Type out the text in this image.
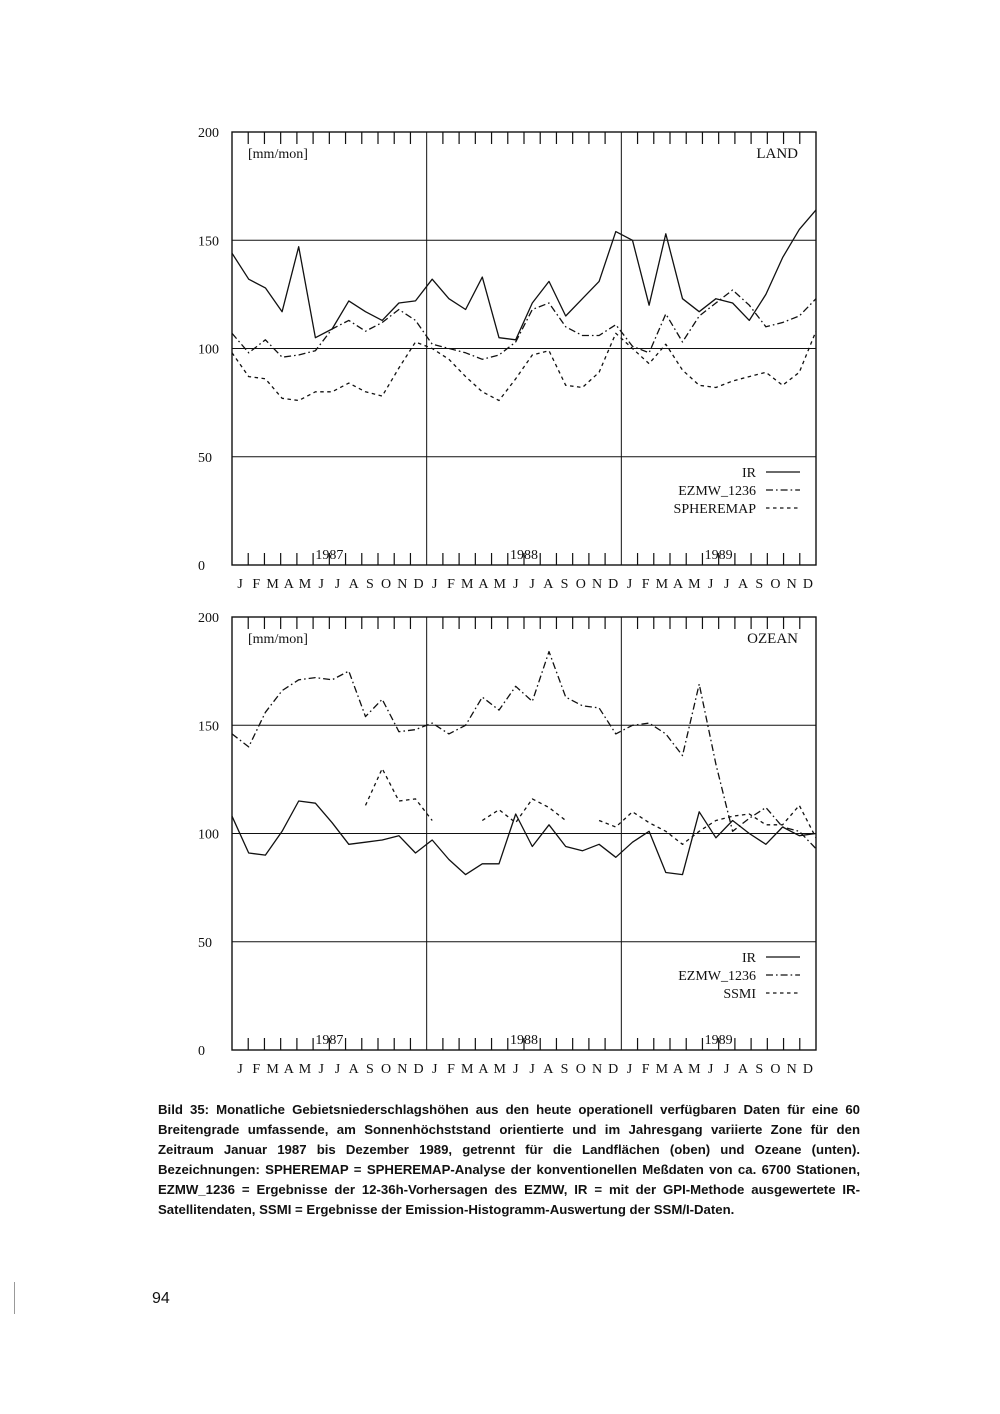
200
150
100
50
0
J F M A M J J A S O N D J F M A M J J A S O N D J F M A M J J A S O N D
1987	1988	1989
[mm/mon]	LAND
IR
EZMW_1236
SPHEREMAP
200
150
100
50
0
J F M A M J J A S O N D J F M A M J J A S O N D J F M A M J J A S O N D
1987	1988	1989
[mm/mon]	OZEAN
IR
EZMW_1236
SSMI
Bild 35: Monatliche Gebietsniederschlagshöhen aus den heute operationell verfügbaren Daten für eine 60 Breitengrade umfassende, am Sonnenhöchststand orientierte und im Jahresgang variierte Zone für den Zeitraum Januar 1987 bis Dezember 1989, getrennt für die Landflächen (oben) und Ozeane (unten). Bezeichnungen: SPHEREMAP = SPHEREMAP-Analyse der konventionellen Meßdaten von ca. 6700 Stationen, EZMW_1236 = Ergebnisse der 12-36h-Vorhersagen des EZMW, IR = mit der GPI-Methode ausgewertete IR-Satellitendaten, SSMI = Ergebnisse der Emission-Histogramm-Auswertung der SSM/I-Daten.
94
